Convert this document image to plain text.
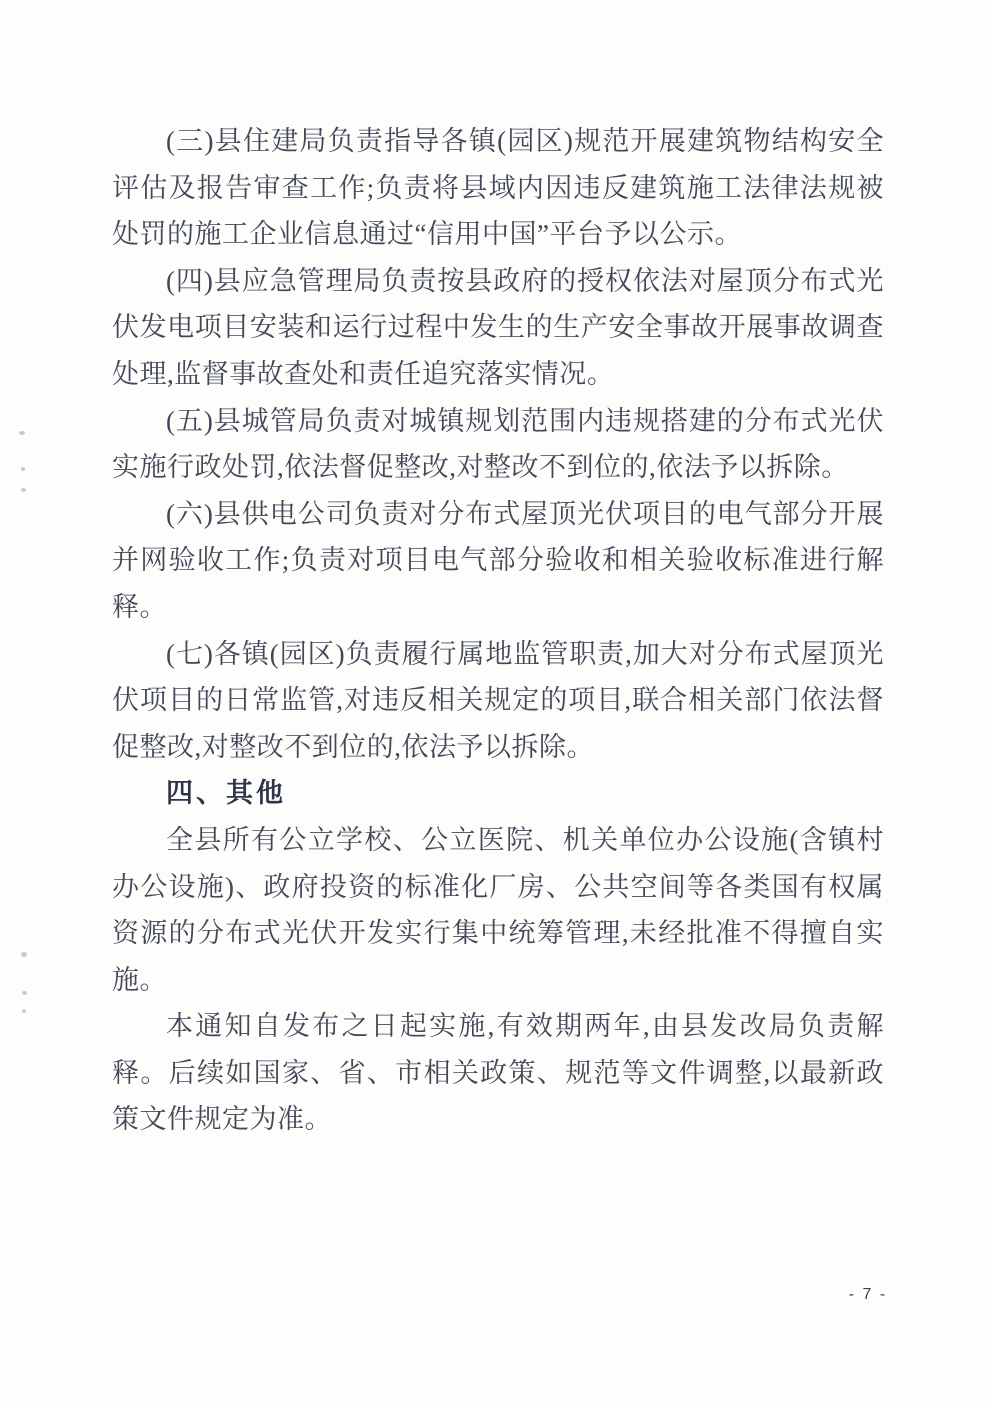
(三)县住建局负责指导各镇(园区)规范开展建筑物结构安全评估及报告审查工作;负责将县域内因违反建筑施工法律法规被处罚的施工企业信息通过“信用中国”平台予以公示。

(四)县应急管理局负责按县政府的授权依法对屋顶分布式光伏发电项目安装和运行过程中发生的生产安全事故开展事故调查处理,监督事故查处和责任追究落实情况。

(五)县城管局负责对城镇规划范围内违规搭建的分布式光伏实施行政处罚,依法督促整改,对整改不到位的,依法予以拆除。

(六)县供电公司负责对分布式屋顶光伏项目的电气部分开展并网验收工作;负责对项目电气部分验收和相关验收标准进行解释。

(七)各镇(园区)负责履行属地监管职责,加大对分布式屋顶光伏项目的日常监管,对违反相关规定的项目,联合相关部门依法督促整改,对整改不到位的,依法予以拆除。

四、其他

全县所有公立学校、公立医院、机关单位办公设施(含镇村办公设施)、政府投资的标准化厂房、公共空间等各类国有权属资源的分布式光伏开发实行集中统筹管理,未经批准不得擅自实施。

本通知自发布之日起实施,有效期两年,由县发改局负责解释。后续如国家、省、市相关政策、规范等文件调整,以最新政策文件规定为准。

- 7 -
